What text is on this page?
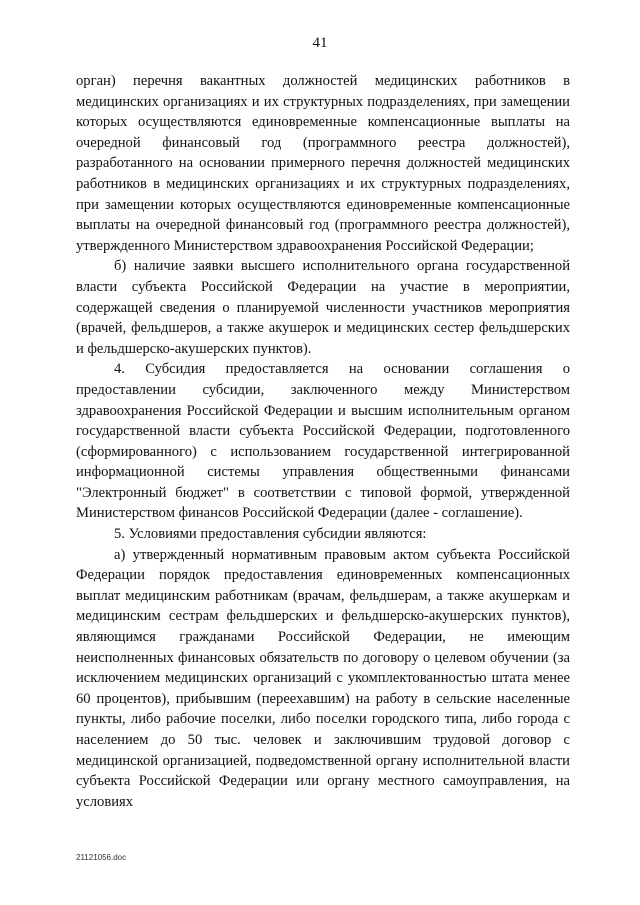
41

орган) перечня вакантных должностей медицинских работников в медицинских организациях и их структурных подразделениях, при замещении которых осуществляются единовременные компенсационные выплаты на очередной финансовый год (программного реестра должностей), разработанного на основании примерного перечня должностей медицинских работников в медицинских организациях и их структурных подразделениях, при замещении которых осуществляются единовременные компенсационные выплаты на очередной финансовый год (программного реестра должностей), утвержденного Министерством здравоохранения Российской Федерации;

б) наличие заявки высшего исполнительного органа государственной власти субъекта Российской Федерации на участие в мероприятии, содержащей сведения о планируемой численности участников мероприятия (врачей, фельдшеров, а также акушерок и медицинских сестер фельдшерских и фельдшерско-акушерских пунктов).

4. Субсидия предоставляется на основании соглашения о предоставлении субсидии, заключенного между Министерством здравоохранения Российской Федерации и высшим исполнительным органом государственной власти субъекта Российской Федерации, подготовленного (сформированного) с использованием государственной интегрированной информационной системы управления общественными финансами "Электронный бюджет" в соответствии с типовой формой, утвержденной Министерством финансов Российской Федерации (далее - соглашение).

5. Условиями предоставления субсидии являются:

а) утвержденный нормативным правовым актом субъекта Российской Федерации порядок предоставления единовременных компенсационных выплат медицинским работникам (врачам, фельдшерам, а также акушеркам и медицинским сестрам фельдшерских и фельдшерско-акушерских пунктов), являющимся гражданами Российской Федерации, не имеющим неисполненных финансовых обязательств по договору о целевом обучении (за исключением медицинских организаций с укомплектованностью штата менее 60 процентов), прибывшим (переехавшим) на работу в сельские населенные пункты, либо рабочие поселки, либо поселки городского типа, либо города с населением до 50 тыс. человек и заключившим трудовой договор с медицинской организацией, подведомственной органу исполнительной власти субъекта Российской Федерации или органу местного самоуправления, на условиях

21121056.doc
